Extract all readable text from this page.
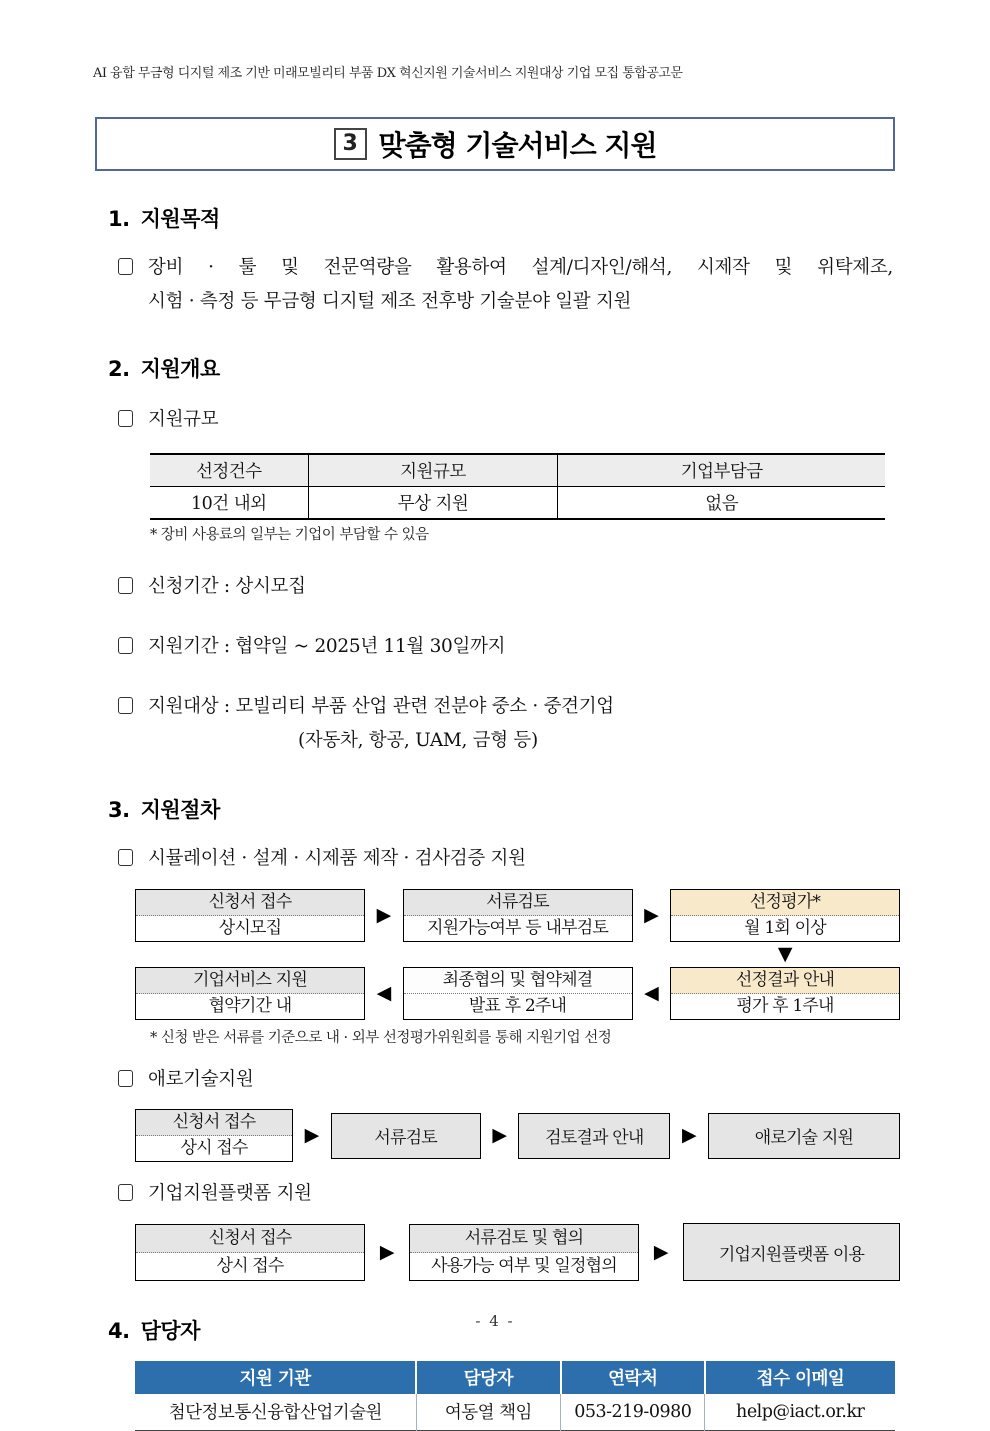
AI 융합 무금형 디지털 제조 기반 미래모빌리티 부품 DX 혁신지원 기술서비스 지원대상 기업 모집 통합공고문
3 맞춤형 기술서비스 지원
1. 지원목적
장비 · 툴 및 전문역량을 활용하여 설계/디자인/해석, 시제작 및 위탁제조,
시험 · 측정 등 무금형 디지털 제조 전후방 기술분야 일괄 지원
2. 지원개요
지원규모
선정건수	지원규모	기업부담금
10건 내외	무상 지원	없음
* 장비 사용료의 일부는 기업이 부담할 수 있음
신청기간 : 상시모집
지원기간 : 협약일 ~ 2025년 11월 30일까지
지원대상 : 모빌리티 부품 산업 관련 전분야 중소 · 중견기업
(자동차, 항공, UAM, 금형 등)
3. 지원절차
시뮬레이션 · 설계 · 시제품 제작 · 검사검증 지원
신청서 접수
상시모집
▶
서류검토
지원가능여부 등 내부검토
▶
선정평가*
월 1회 이상
▼
기업서비스 지원
협약기간 내
◀
최종협의 및 협약체결
발표 후 2주내
◀
선정결과 안내
평가 후 1주내
* 신청 받은 서류를 기준으로 내 · 외부 선정평가위원회를 통해 지원기업 선정
애로기술지원
신청서 접수
상시 접수
▶	서류검토	▶	검토결과 안내	▶	애로기술 지원
기업지원플랫폼 지원
신청서 접수
상시 접수
▶
서류검토 및 협의
사용가능 여부 및 일정협의
▶	기업지원플랫폼 이용
4. 담당자
지원 기관	담당자	연락처	접수 이메일
첨단정보통신융합산업기술원	여동열 책임	053-219-0980	help@iact.or.kr
- 4 -
